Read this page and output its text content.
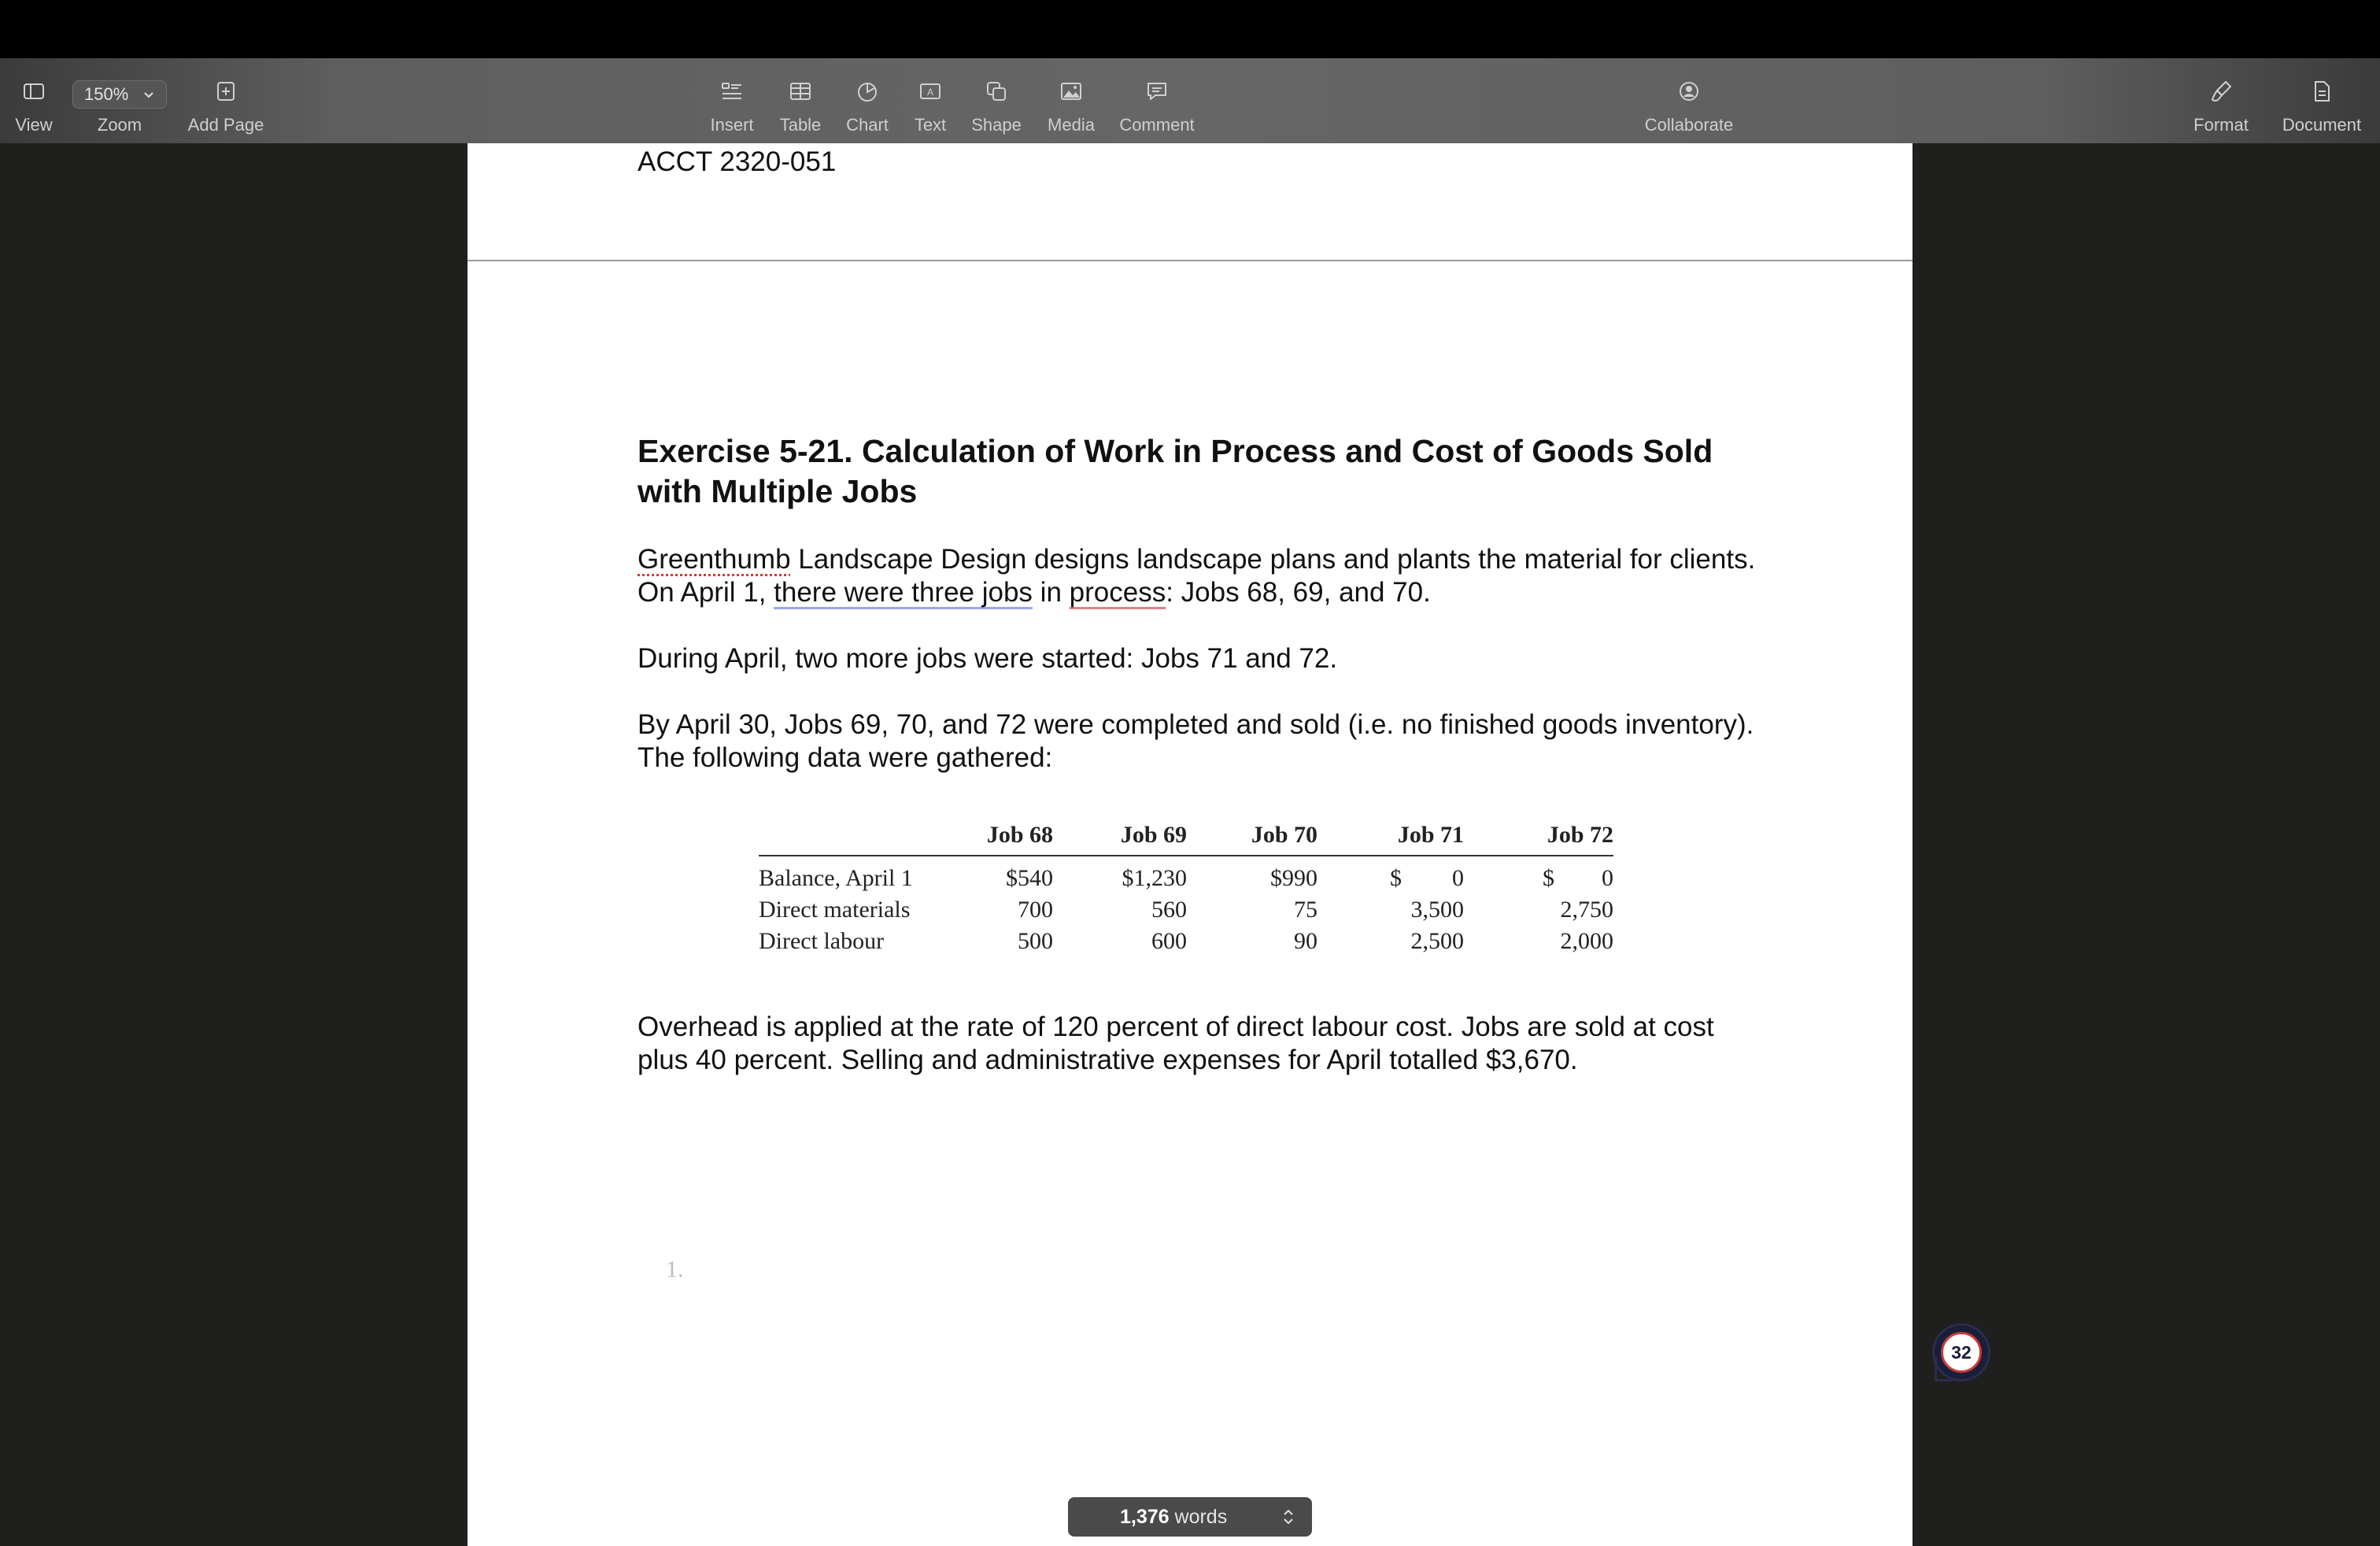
View
150%
Zoom	Add Page	Insert	Table	Chart
A
Text	Shape	Media	Comment	Collaborate	Format	Document
ACCT 2320-051
Exercise 5-21. Calculation of Work in Process and Cost of Goods Sold with Multiple Jobs

Greenthumb Landscape Design designs landscape plans and plants the material for clients. On April 1, there were three jobs in process: Jobs 68, 69, and 70.

During April, two more jobs were started: Jobs 71 and 72.

By April 30, Jobs 69, 70, and 72 were completed and sold (i.e. no finished goods inventory). The following data were gathered:

	Job 68	Job 69	Job 70	Job 71	Job 72
Balance, April 1	$540	$1,230	$990	$ 0	$ 0

Direct materials	700	560	75	3,500	2,750
Direct labour	500	600	90	2,500	2,000

Overhead is applied at the rate of 120 percent of direct labour cost. Jobs are sold at cost plus 40 percent. Selling and administrative expenses for April totalled $3,670.

1.
1,376 words
32
